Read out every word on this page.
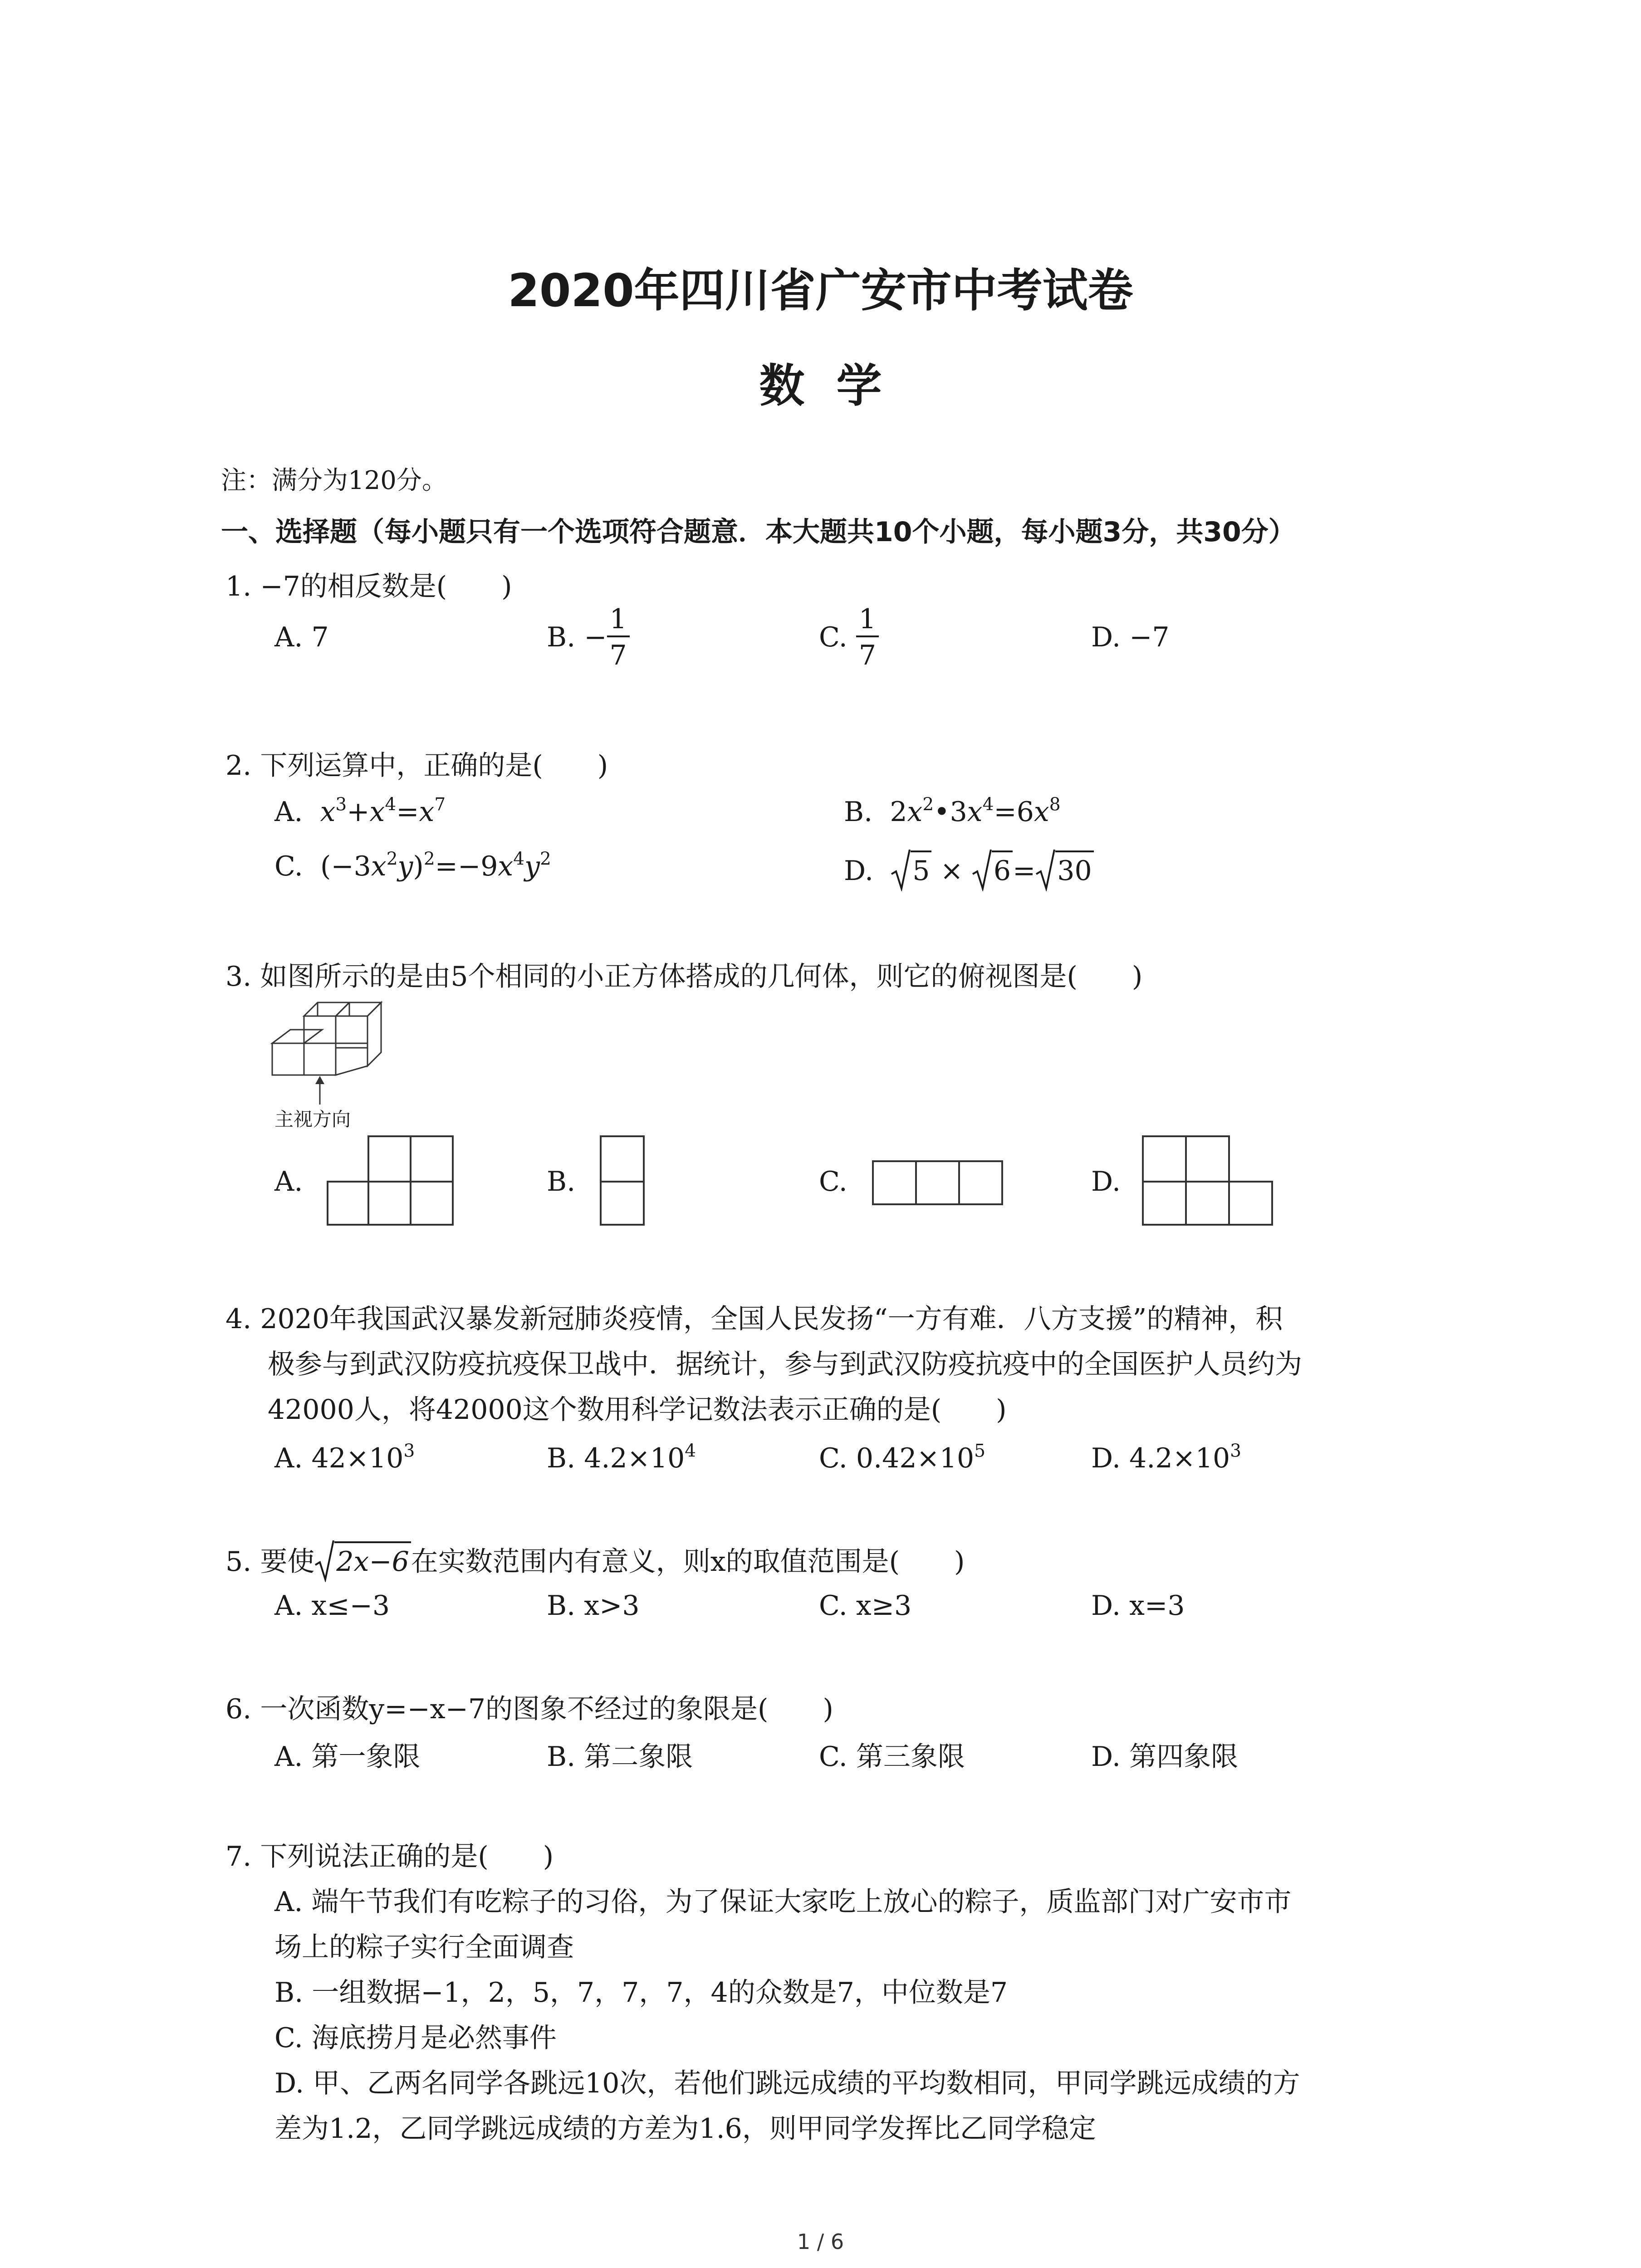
2020年四川省广安市中考试卷
数学
注：满分为120分。
一、选择题（每小题只有一个选项符合题意．本大题共10个小题，每小题3分，共30分）
1. −7的相反数是(　　)
A. 7	B. − $\frac{1}{7}$	C. $\frac{1}{7}$	D. −7
2. 下列运算中，正确的是(　　)
A. $x^3+x^4=x^7$	B.  $2x^2•3x^4=6x^8$
C.  $(-3x^2y)^2=-9x^4y^2$	D. 5 × 6= 30
3. 如图所示的是由5个相同的小正方体搭成的几何体，则它的俯视图是(　　)
主视方向
A.	B.	C.	D.
4. 2020年我国武汉暴发新冠肺炎疫情，全国人民发扬“一方有难．八方支援”的精神，积
极参与到武汉防疫抗疫保卫战中．据统计，参与到武汉防疫抗疫中的全国医护人员约为
42000人，将42000这个数用科学记数法表示正确的是(　　)
A. $42\times 10^3$	B. $4.2\times 10^4$	C. $0.42\times 10^5$	D. $4.2\times 10^3$
5. 要使 2x−6在实数范围内有意义，则x的取值范围是(　　)
A. x≤−3	B. x>3	C. x≥3	D. x=3
6. 一次函数y=−x−7的图象不经过的象限是(　　)
A. 第一象限	B. 第二象限	C. 第三象限	D. 第四象限
7. 下列说法正确的是(　　)
A. 端午节我们有吃粽子的习俗，为了保证大家吃上放心的粽子，质监部门对广安市市
场上的粽子实行全面调查
B. 一组数据−1，2，5，7，7，7，4的众数是7，中位数是7
C. 海底捞月是必然事件
D. 甲、乙两名同学各跳远10次，若他们跳远成绩的平均数相同，甲同学跳远成绩的方
差为1.2，乙同学跳远成绩的方差为1.6，则甲同学发挥比乙同学稳定
1 / 6
